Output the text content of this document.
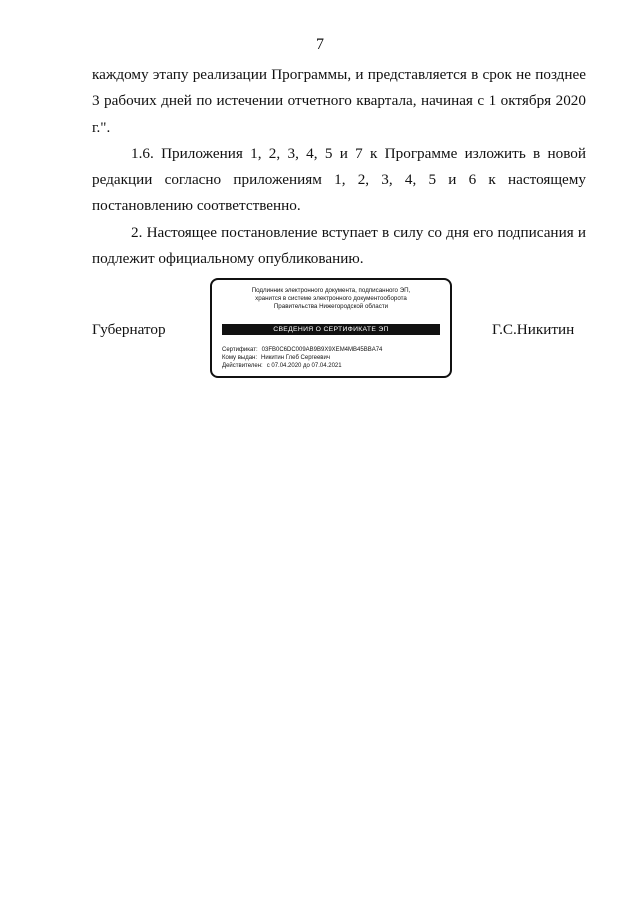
7

каждому этапу реализации Программы, и представляется в срок не позднее 3 рабочих дней по истечении отчетного квартала, начиная с 1 октября 2020 г.".

1.6. Приложения 1, 2, 3, 4, 5 и 7 к Программе изложить в новой редакции согласно приложениям 1, 2, 3, 4, 5 и 6 к настоящему постановлению соответственно.

2. Настоящее постановление вступает в силу со дня его подписания и подлежит официальному опубликованию.

Губернатор
Подлинник электронного документа, подписанного ЭП,
хранится в системе электронного документооборота
Правительства Нижегородской области
СВЕДЕНИЯ О СЕРТИФИКАТЕ ЭП
Сертификат: 03FB0C6DC009AB9B9X9XEM4MB45BBA74
Кому выдан: Никитин Глеб Сергеевич
Действителен: с 07.04.2020 до 07.04.2021
Г.С.Никитин
